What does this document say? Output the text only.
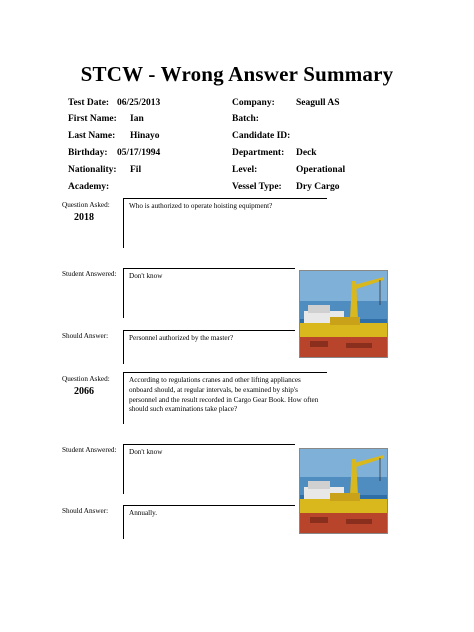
STCW - Wrong Answer Summary
Test Date: 06/25/2013
First Name: Ian
Last Name: Hinayo
Birthday: 05/17/1994
Nationality: Fil
Academy:
Company: Seagull AS
Batch:
Candidate ID:
Department: Deck
Level:	Operational
Vessel Type: Dry Cargo
Question Asked:
2018
Who is authorized to operate hoisting equipment?
Student Answered: Don't know
Should Answer:	Personnel authorized by the master?
Question Asked:
2066
According to regulations cranes and other lifting appliances onboard should, at regular intervals, be examined by ship's personnel and the result recorded in Cargo Gear Book. How often should such examinations take place?
Student Answered: Don't know
Should Answer:	Annually.
